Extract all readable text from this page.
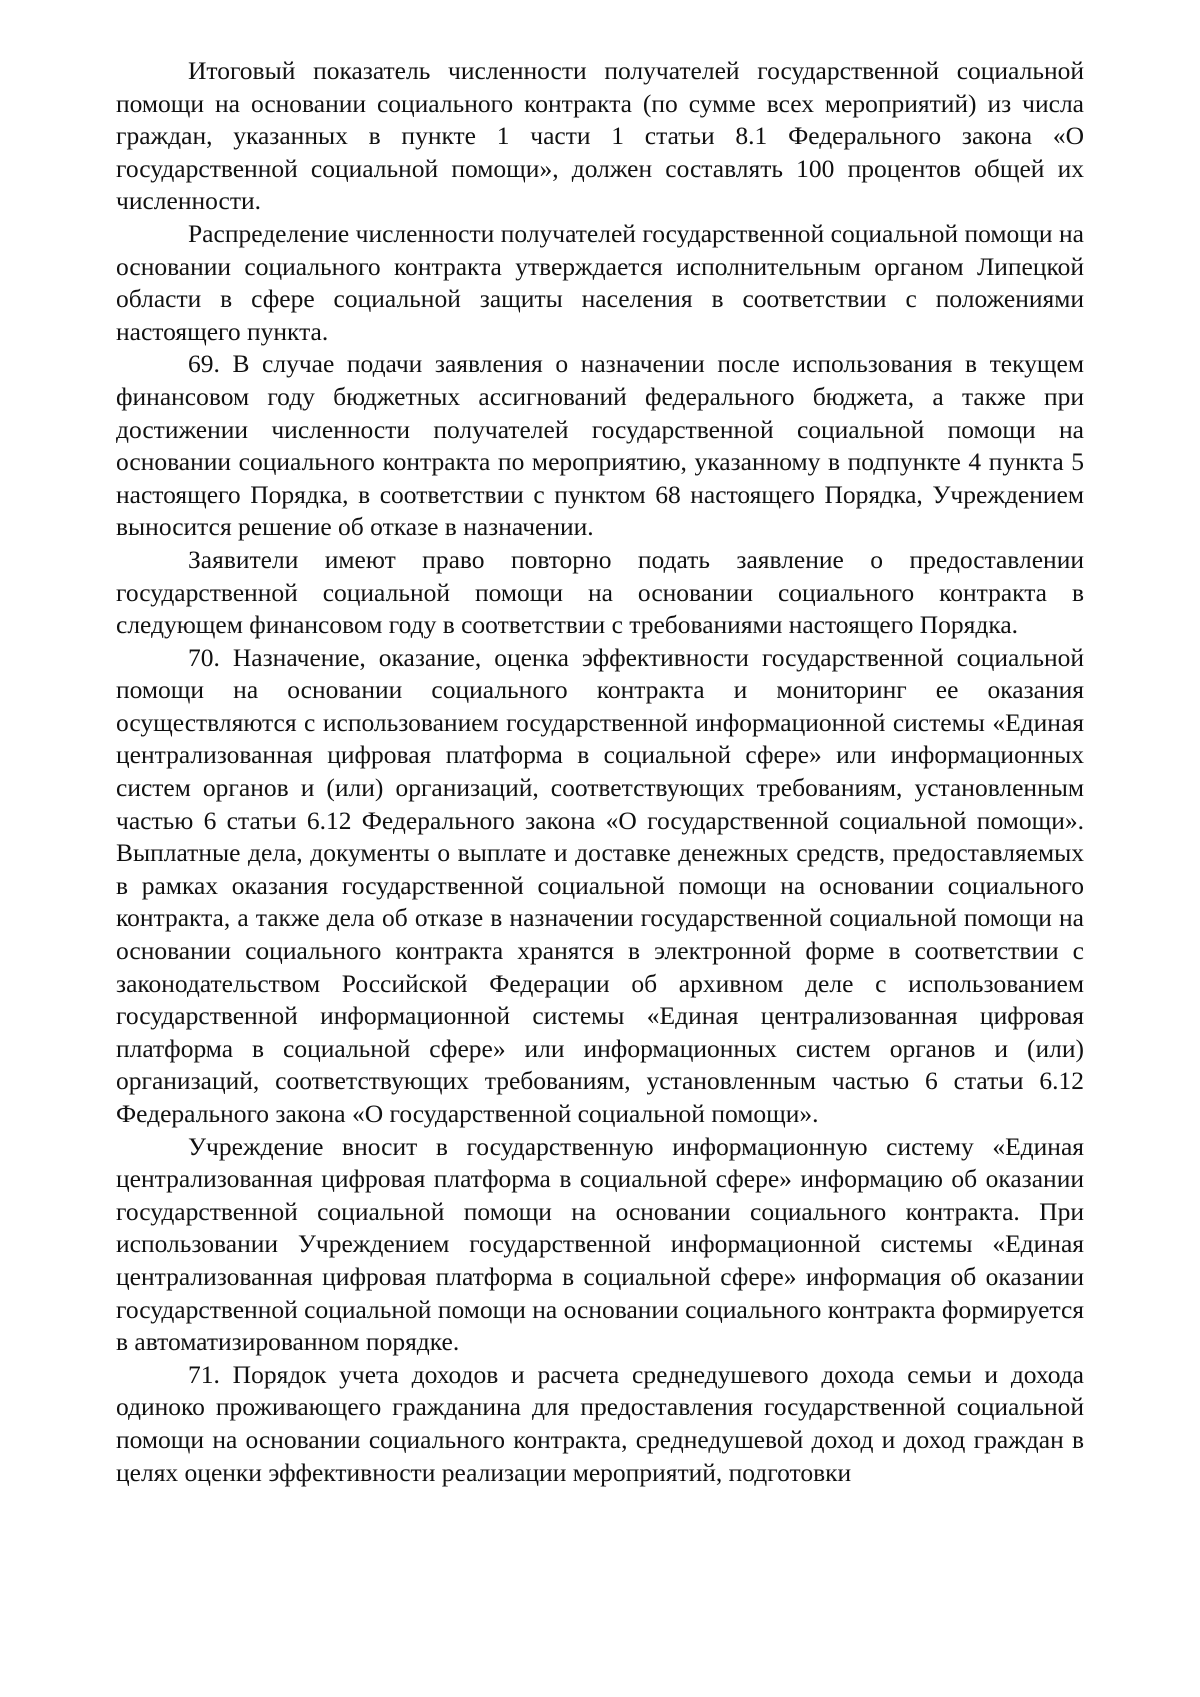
Итоговый показатель численности получателей государственной социальной помощи на основании социального контракта (по сумме всех мероприятий) из числа граждан, указанных в пункте 1 части 1 статьи 8.1 Федерального закона «О государственной социальной помощи», должен составлять 100 процентов общей их численности.

Распределение численности получателей государственной социальной помощи на основании социального контракта утверждается исполнительным органом Липецкой области в сфере социальной защиты населения в соответствии с положениями настоящего пункта.

69. В случае подачи заявления о назначении после использования в текущем финансовом году бюджетных ассигнований федерального бюджета, а также при достижении численности получателей государственной социальной помощи на основании социального контракта по мероприятию, указанному в подпункте 4 пункта 5 настоящего Порядка, в соответствии с пунктом 68 настоящего Порядка, Учреждением выносится решение об отказе в назначении.

Заявители имеют право повторно подать заявление о предоставлении государственной социальной помощи на основании социального контракта в следующем финансовом году в соответствии с требованиями настоящего Порядка.

70. Назначение, оказание, оценка эффективности государственной социальной помощи на основании социального контракта и мониторинг ее оказания осуществляются с использованием государственной информационной системы «Единая централизованная цифровая платформа в социальной сфере» или информационных систем органов и (или) организаций, соответствующих требованиям, установленным частью 6 статьи 6.12 Федерального закона «О государственной социальной помощи». Выплатные дела, документы о выплате и доставке денежных средств, предоставляемых в рамках оказания государственной социальной помощи на основании социального контракта, а также дела об отказе в назначении государственной социальной помощи на основании социального контракта хранятся в электронной форме в соответствии с законодательством Российской Федерации об архивном деле с использованием государственной информационной системы «Единая централизованная цифровая платформа в социальной сфере» или информационных систем органов и (или) организаций, соответствующих требованиям, установленным частью 6 статьи 6.12 Федерального закона «О государственной социальной помощи».

Учреждение вносит в государственную информационную систему «Единая централизованная цифровая платформа в социальной сфере» информацию об оказании государственной социальной помощи на основании социального контракта. При использовании Учреждением государственной информационной системы «Единая централизованная цифровая платформа в социальной сфере» информация об оказании государственной социальной помощи на основании социального контракта формируется в автоматизированном порядке.

71. Порядок учета доходов и расчета среднедушевого дохода семьи и дохода одиноко проживающего гражданина для предоставления государственной социальной помощи на основании социального контракта, среднедушевой доход и доход граждан в целях оценки эффективности реализации мероприятий, подготовки
